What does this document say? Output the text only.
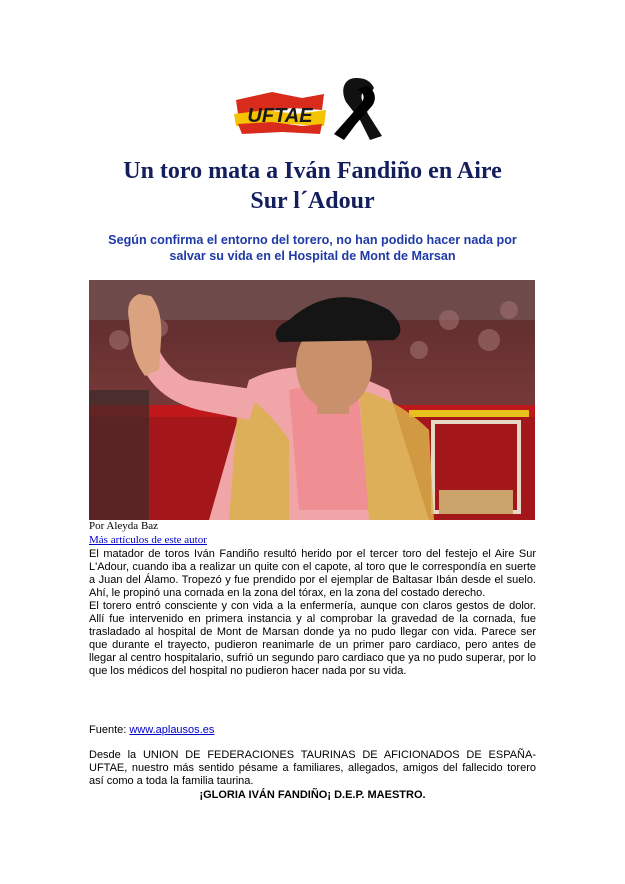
UFTAE
Un toro mata a Iván Fandiño en Aire
Sur l´Adour

Según confirma el entorno del torero, no han podido hacer nada por salvar su vida en el Hospital de Mont de Marsan

Por Aleyda Baz
Más artículos de este autor

El matador de toros Iván Fandiño resultó herido por el tercer toro del festejo el Aire Sur L'Adour, cuando iba a realizar un quite con el capote, al toro que le correspondía en suerte a Juan del Álamo. Tropezó y fue prendido por el ejemplar de Baltasar Ibán desde el suelo. Ahí, le propinó una cornada en la zona del tórax, en la zona del costado derecho.

El torero entró consciente y con vida a la enfermería, aunque con claros gestos de dolor. Allí fue intervenido en primera instancia y al comprobar la gravedad de la cornada, fue trasladado al hospital de Mont de Marsan donde ya no pudo llegar con vida. Parece ser que durante el trayecto, pudieron reanimarle de un primer paro cardiaco, pero antes de llegar al centro hospitalario, sufrió un segundo paro cardiaco que ya no pudo superar, por lo que los médicos del hospital no pudieron hacer nada por su vida.

Fuente: www.aplausos.es

Desde la UNION DE FEDERACIONES TAURINAS DE AFICIONADOS DE ESPAÑA-UFTAE, nuestro más sentido pésame a familiares, allegados, amigos del fallecido torero así como a toda la familia taurina.

¡GLORIA IVÁN FANDIÑO¡ D.E.P. MAESTRO.
